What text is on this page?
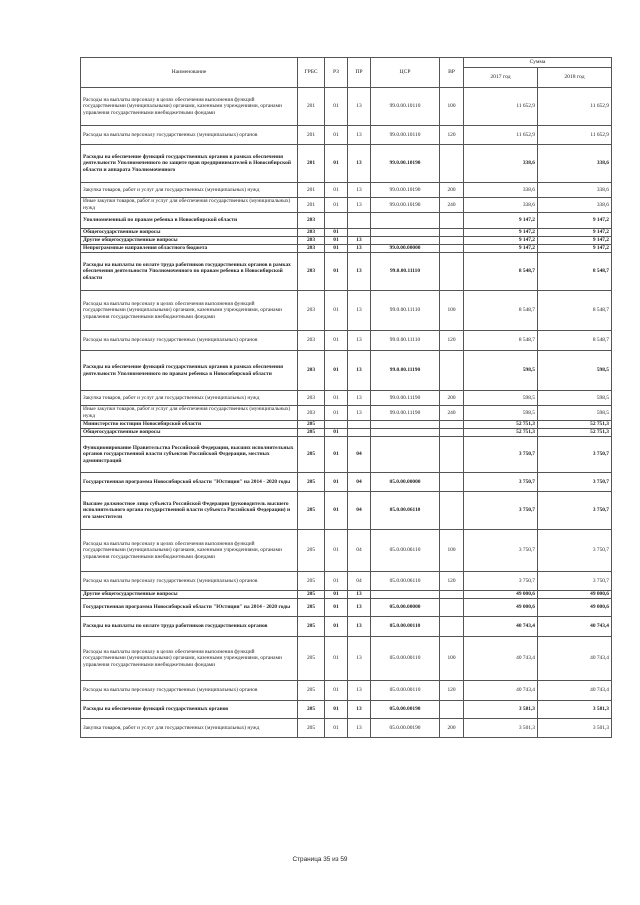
Наименование	ГРБС	РЗ	ПР	ЦСР	ВР	Сумма	
						2017 год	2018 год
Расходы на выплаты персоналу в целях обеспечения выполнения функций государственными (муниципальными) органами, казенными учреждениями, органами управления государственными внебюджетными фондами	201	01	13	99.0.00.10110	100	11 652,9	11 652,9
Расходы на выплаты персоналу государственных (муниципальных) органов	201	01	13	99.0.00.10110	120	11 652,9	11 652,9
Расходы на обеспечение функций государственных органов в рамках обеспечения деятельности Уполномоченного по защите прав предпринимателей в Новосибирской области и аппарата Уполномоченного	201	01	13	99.0.00.10190		338,6	338,6
Закупка товаров, работ и услуг для государственных (муниципальных) нужд	201	01	13	99.0.00.10190	200	338,6	338,6
Иные закупки товаров, работ и услуг для обеспечения государственных (муниципальных) нужд	201	01	13	99.0.00.10190	240	338,6	338,6
Уполномоченный по правам ребенка в Новосибирской области	203					9 147,2	9 147,2
Общегосударственные вопросы	203	01				9 147,2	9 147,2
Другие общегосударственные вопросы	203	01	13			9 147,2	9 147,2
Непрограммные направления областного бюджета	203	01	13	99.0.00.00000		9 147,2	9 147,2
Расходы на выплаты по оплате труда работников государственных органов в рамках обеспечения деятельности Уполномоченного по правам ребенка в Новосибирской области	203	01	13	99.0.00.11110		8 548,7	8 548,7
Расходы на выплаты персоналу в целях обеспечения выполнения функций государственными (муниципальными) органами, казенными учреждениями, органами управления государственными внебюджетными фондами	203	01	13	99.0.00.11110	100	8 548,7	8 548,7
Расходы на выплаты персоналу государственных (муниципальных) органов	203	01	13	99.0.00.11110	120	8 548,7	8 548,7
Расходы на обеспечение функций государственных органов в рамках обеспечения деятельности Уполномоченного по правам ребенка в Новосибирской области	203	01	13	99.0.00.11190		598,5	598,5
Закупка товаров, работ и услуг для государственных (муниципальных) нужд	203	01	13	99.0.00.11190	200	598,5	598,5
Иные закупки товаров, работ и услуг для обеспечения государственных (муниципальных) нужд	203	01	13	99.0.00.11190	240	598,5	598,5
Министерство юстиции Новосибирской области	205					52 751,3	52 751,3
Общегосударственные вопросы	205	01				52 751,3	52 751,3
Функционирование Правительства Российской Федерации, высших исполнительных органов государственной власти субъектов Российской Федерации, местных администраций	205	01	04			3 750,7	3 750,7
Государственная программа Новосибирской области "Юстиция" на 2014 - 2020 годы	205	01	04	05.0.00.00000		3 750,7	3 750,7
Высшее должностное лицо субъекта Российской Федерации (руководитель высшего исполнительного органа государственной власти субъекта Российской Федерации) и его заместители	205	01	04	05.0.00.06110		3 750,7	3 750,7
Расходы на выплаты персоналу в целях обеспечения выполнения функций государственными (муниципальными) органами, казенными учреждениями, органами управления государственными внебюджетными фондами	205	01	04	05.0.00.06110	100	3 750,7	3 750,7
Расходы на выплаты персоналу государственных (муниципальных) органов	205	01	04	05.0.00.06110	120	3 750,7	3 750,7
Другие общегосударственные вопросы	205	01	13			49 000,6	49 000,6
Государственная программа Новосибирской области "Юстиция" на 2014 - 2020 годы	205	01	13	05.0.00.00000		49 000,6	49 000,6
Расходы на выплаты по оплате труда работников государственных органов	205	01	13	05.0.00.00110		40 743,4	40 743,4
Расходы на выплаты персоналу в целях обеспечения выполнения функций государственными (муниципальными) органами, казенными учреждениями, органами управления государственными внебюджетными фондами	205	01	13	05.0.00.00110	100	40 743,4	40 743,4
Расходы на выплаты персоналу государственных (муниципальных) органов	205	01	13	05.0.00.00110	120	40 743,4	40 743,4
Расходы на обеспечение функций государственных органов	205	01	13	05.0.00.00190		3 581,3	3 581,3
Закупка товаров, работ и услуг для государственных (муниципальных) нужд	205	01	13	05.0.00.00190	200	3 501,3	3 501,3
Страница 35 из 59
